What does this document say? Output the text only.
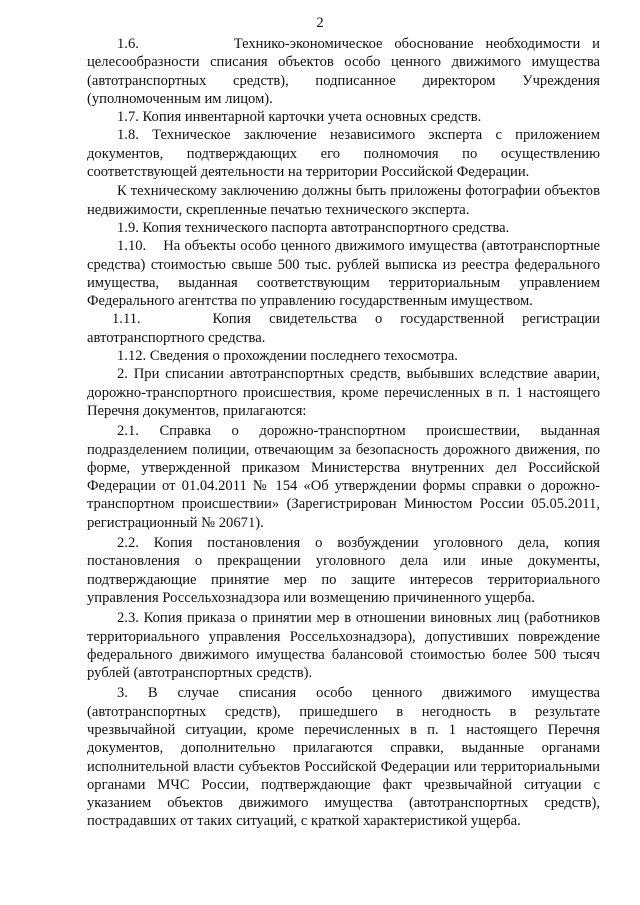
2

1.6.        Технико-экономическое обоснование необходимости и целесообразности списания объектов особо ценного движимого имущества (автотранспортных средств), подписанное директором Учреждения (уполномоченным им лицом).

1.7. Копия инвентарной карточки учета основных средств.

1.8. Техническое заключение независимого эксперта с приложением документов, подтверждающих его полномочия по осуществлению соответствующей деятельности на территории Российской Федерации.

К техническому заключению должны быть приложены фотографии объектов недвижимости, скрепленные печатью технического эксперта.

1.9. Копия технического паспорта автотранспортного средства.

1.10.    На объекты особо ценного движимого имущества (автотранспортные средства) стоимостью свыше 500 тыс. рублей выписка из реестра федерального имущества, выданная соответствующим территориальным управлением Федерального агентства по управлению государственным имуществом.

1.11.    Копия свидетельства о государственной регистрации автотранспортного средства.

1.12. Сведения о прохождении последнего техосмотра.

2. При списании автотранспортных средств, выбывших вследствие аварии, дорожно-транспортного происшествия, кроме перечисленных в п. 1 настоящего Перечня документов, прилагаются:

2.1. Справка о дорожно-транспортном происшествии, выданная подразделением полиции, отвечающим за безопасность дорожного движения, по форме, утвержденной приказом Министерства внутренних дел Российской Федерации от 01.04.2011 № 154 «Об утверждении формы справки о дорожно-транспортном происшествии» (Зарегистрирован Минюстом России 05.05.2011, регистрационный № 20671).

2.2. Копия постановления о возбуждении уголовного дела, копия постановления о прекращении уголовного дела или иные документы, подтверждающие принятие мер по защите интересов территориального управления Россельхознадзора или возмещению причиненного ущерба.

2.3. Копия приказа о принятии мер в отношении виновных лиц (работников территориального управления Россельхознадзора), допустивших повреждение федерального движимого имущества балансовой стоимостью более 500 тысяч рублей (автотранспортных средств).

3. В случае списания особо ценного движимого имущества (автотранспортных средств), пришедшего в негодность в результате чрезвычайной ситуации, кроме перечисленных в п. 1 настоящего Перечня документов, дополнительно прилагаются справки, выданные органами исполнительной власти субъектов Российской Федерации или территориальными органами МЧС России, подтверждающие факт чрезвычайной ситуации с указанием объектов движимого имущества (автотранспортных средств), пострадавших от таких ситуаций, с краткой характеристикой ущерба.
